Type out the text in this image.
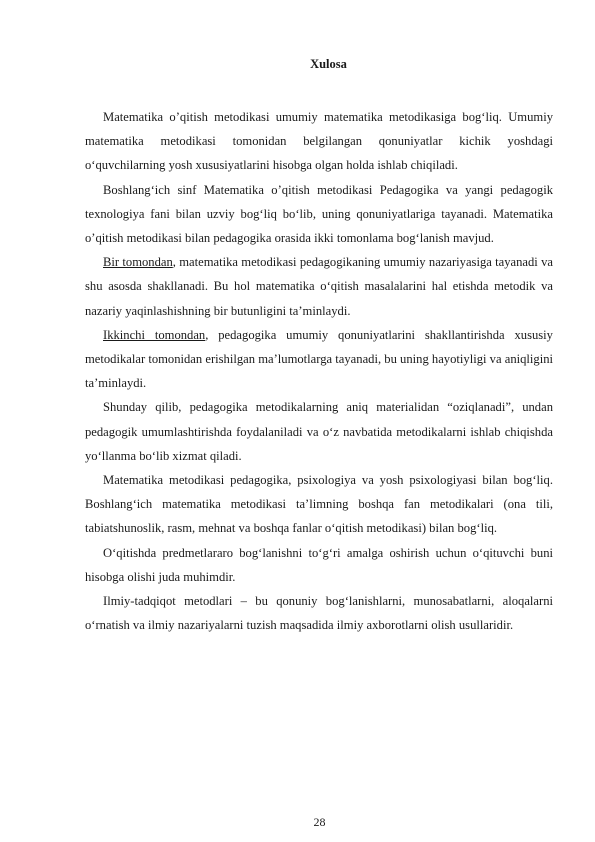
Xulosa

Matematika o’qitish metodikasi umumiy matematika metodikasiga bog‘liq. Umumiy matematika metodikasi tomonidan belgilangan qonuniyatlar kichik yoshdagi o‘quvchilarning yosh xususiyatlarini hisobga olgan holda ishlab chiqiladi.

Boshlang‘ich sinf Matematika o’qitish metodikasi Pedagogika va yangi pedagogik texnologiya fani bilan uzviy bog‘liq bo‘lib, uning qonuniyatlariga tayanadi. Matematika o’qitish metodikasi bilan pedagogika orasida ikki tomonlama bog‘lanish mavjud.

Bir tomondan, matematika metodikasi pedagogikaning umumiy nazariyasiga tayanadi va shu asosda shakllanadi. Bu hol matematika o‘qitish masalalarini hal etishda metodik va nazariy yaqinlashishning bir butunligini ta’minlaydi.

Ikkinchi tomondan, pedagogika umumiy qonuniyatlarini shakllantirishda xususiy metodikalar tomonidan erishilgan ma’lumotlarga tayanadi, bu uning hayotiyligi va aniqligini ta’minlaydi.

Shunday qilib, pedagogika metodikalarning aniq materialidan “oziqlanadi”, undan pedagogik umumlashtirishda foydalaniladi va o‘z navbatida metodikalarni ishlab chiqishda yo‘llanma bo‘lib xizmat qiladi.

Matematika metodikasi pedagogika, psixologiya va yosh psixologiyasi bilan bog‘liq. Boshlang‘ich matematika metodikasi ta’limning boshqa fan metodikalari (ona tili, tabiatshunoslik, rasm, mehnat va boshqa fanlar o‘qitish metodikasi) bilan bog‘liq.

O‘qitishda predmetlararo bog‘lanishni to‘g‘ri amalga oshirish uchun o‘qituvchi buni hisobga olishi juda muhimdir.

Ilmiy-tadqiqot metodlari – bu qonuniy bog‘lanishlarni, munosabatlarni, aloqalarni o‘rnatish va ilmiy nazariyalarni tuzish maqsadida ilmiy axborotlarni olish usullaridir.

28
